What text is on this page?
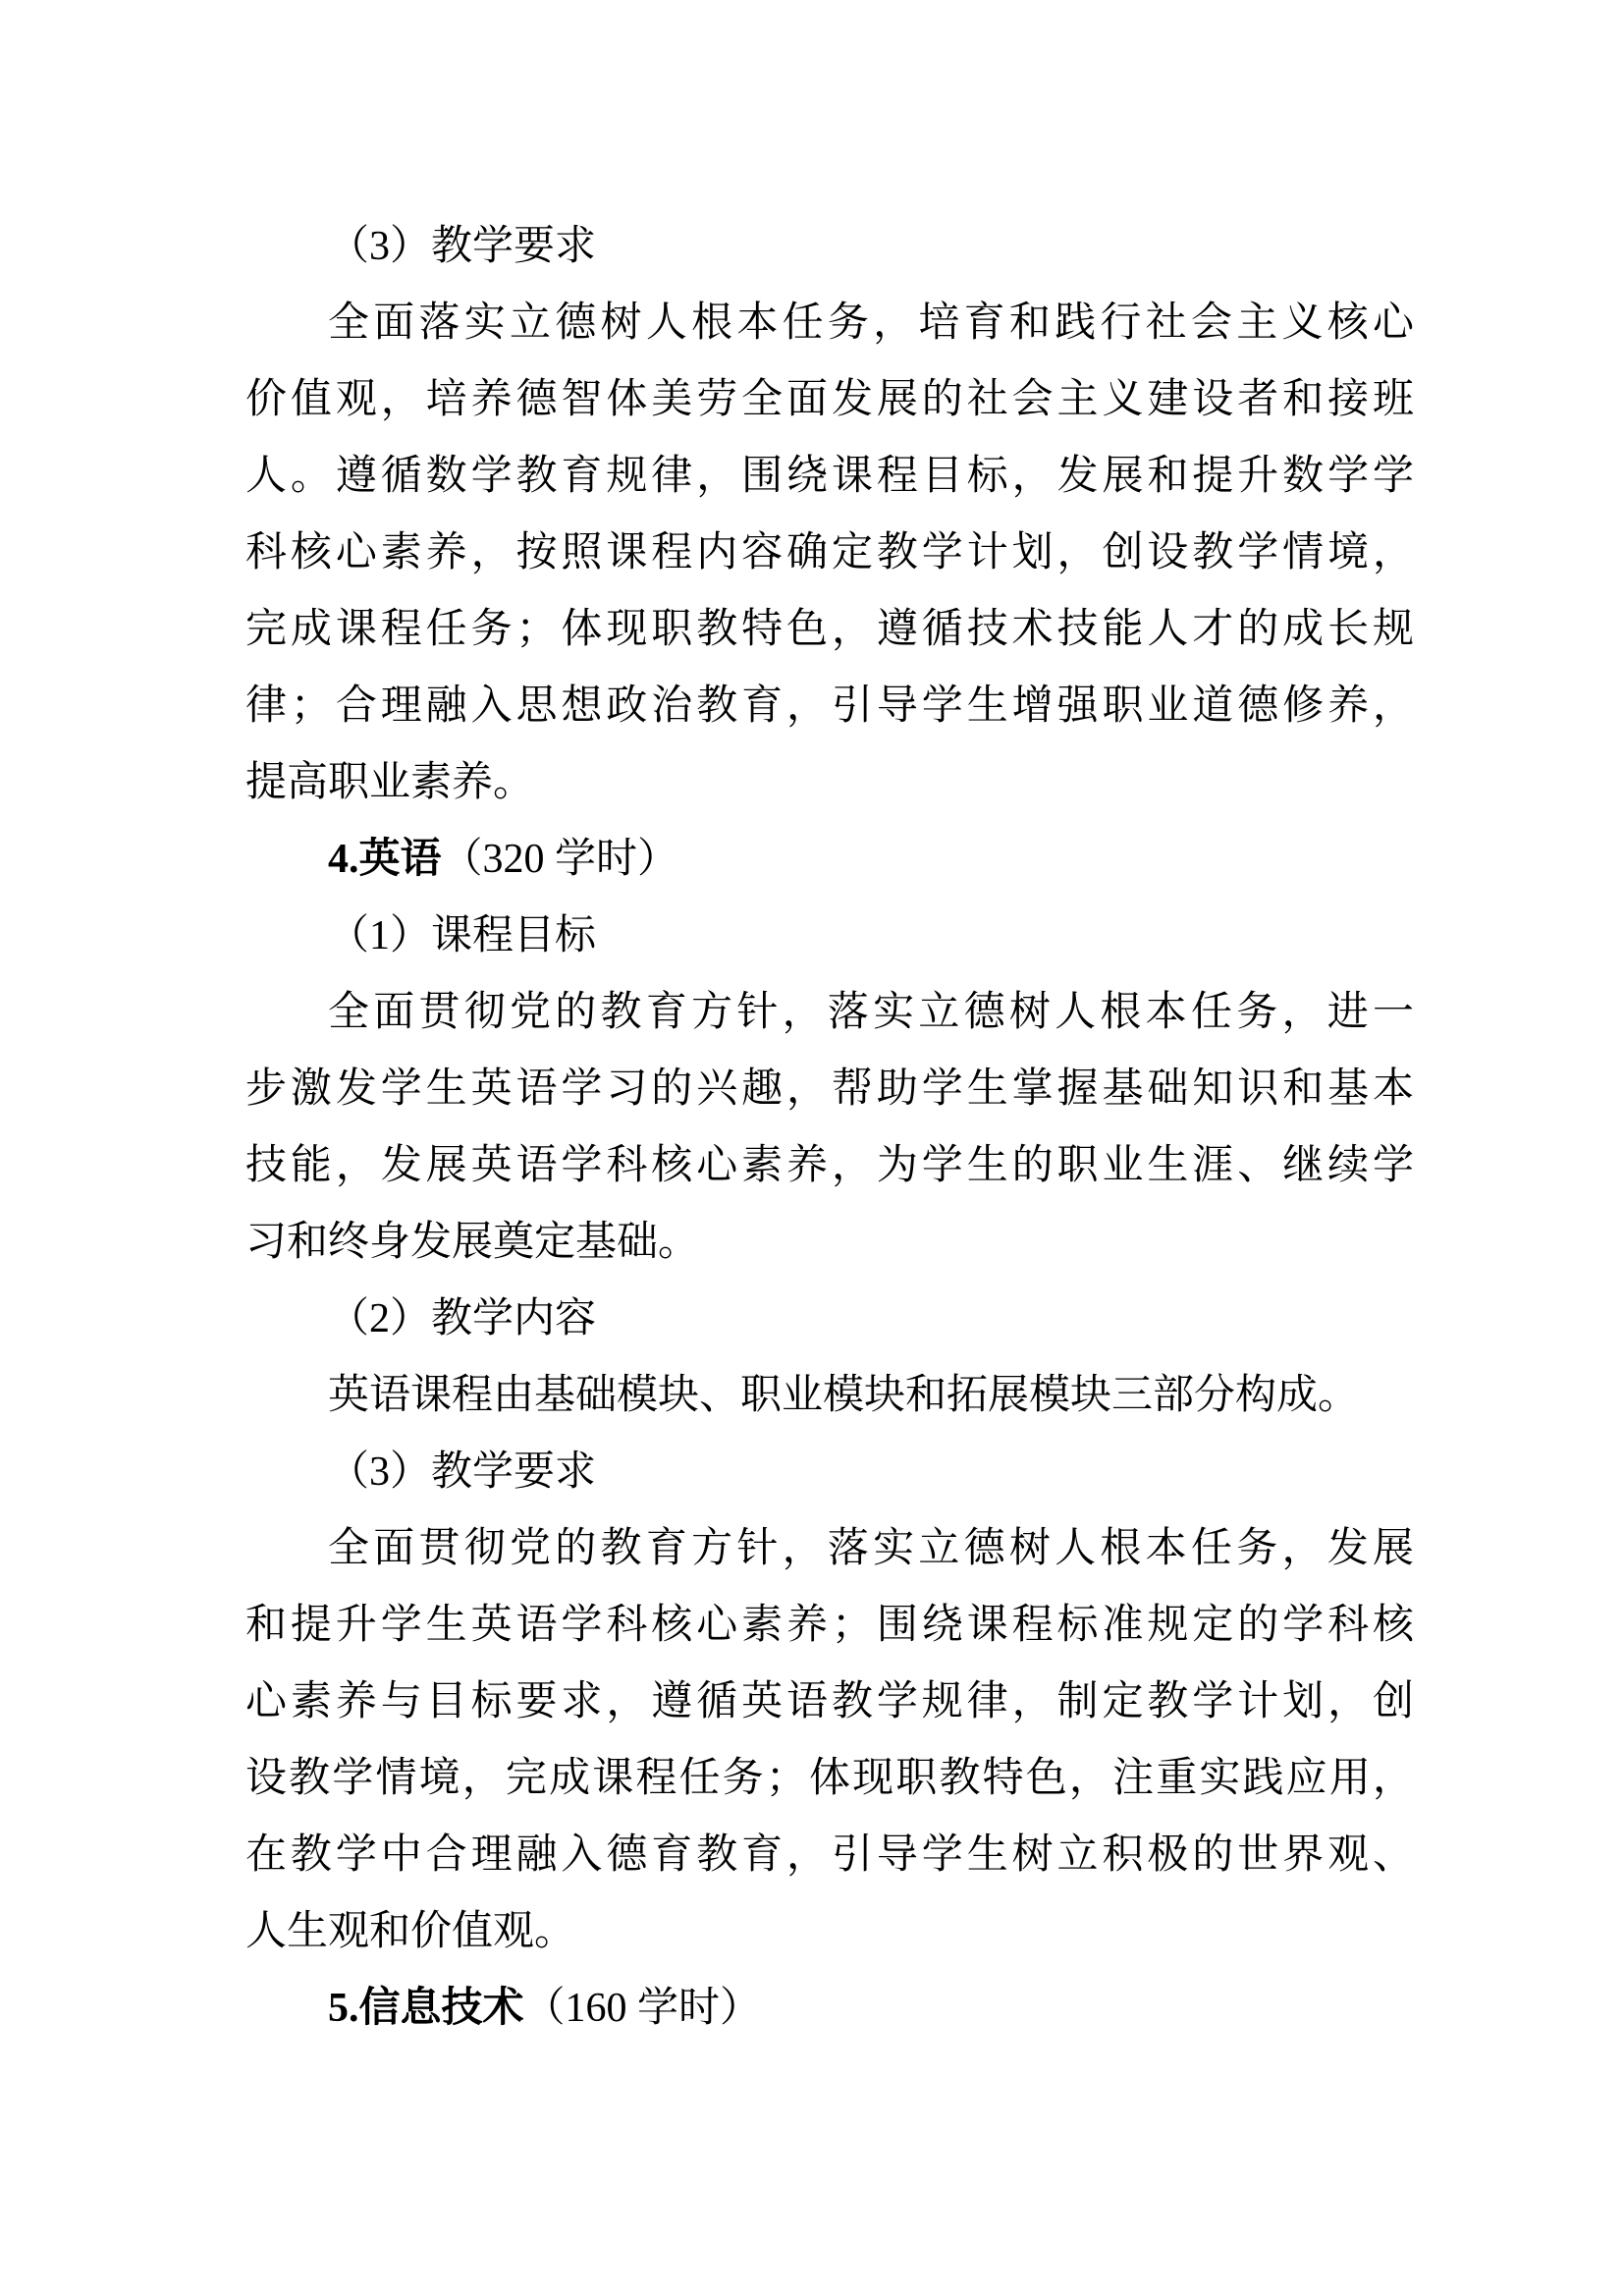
（3）教学要求
全面落实立德树人根本任务，培育和践行社会主义核心
价值观，培养德智体美劳全面发展的社会主义建设者和接班
人。遵循数学教育规律，围绕课程目标，发展和提升数学学
科核心素养，按照课程内容确定教学计划，创设教学情境，
完成课程任务；体现职教特色，遵循技术技能人才的成长规
律；合理融入思想政治教育，引导学生增强职业道德修养，
提高职业素养。
4.英语（320 学时）
（1）课程目标
全面贯彻党的教育方针，落实立德树人根本任务，进一
步激发学生英语学习的兴趣，帮助学生掌握基础知识和基本
技能，发展英语学科核心素养，为学生的职业生涯、继续学
习和终身发展奠定基础。
（2）教学内容
英语课程由基础模块、职业模块和拓展模块三部分构成。
（3）教学要求
全面贯彻党的教育方针，落实立德树人根本任务，发展
和提升学生英语学科核心素养；围绕课程标准规定的学科核
心素养与目标要求，遵循英语教学规律，制定教学计划，创
设教学情境，完成课程任务；体现职教特色，注重实践应用，
在教学中合理融入德育教育，引导学生树立积极的世界观、
人生观和价值观。
5.信息技术（160 学时）
